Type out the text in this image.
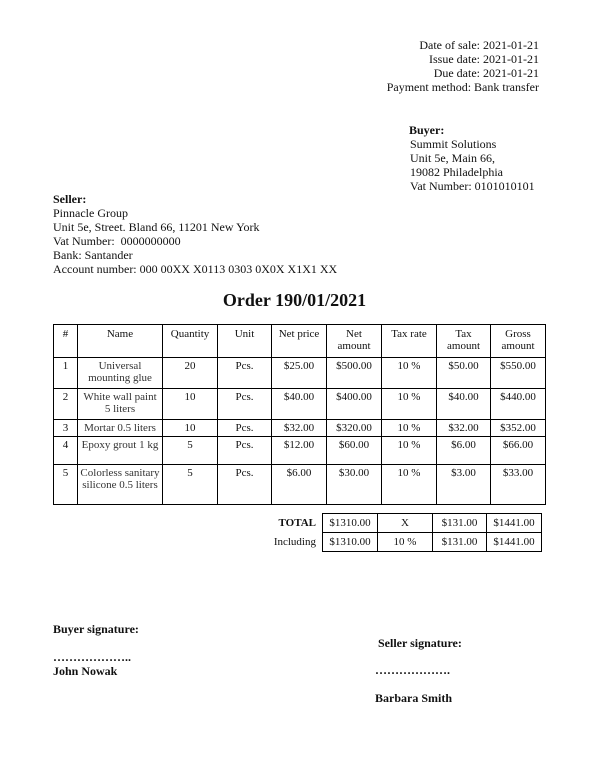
Date of sale: 2021-01-21
Issue date: 2021-01-21
Due date: 2021-01-21
Payment method: Bank transfer
Buyer:
Summit Solutions
Unit 5e, Main 66,
19082 Philadelphia
Vat Number: 0101010101
Seller:
Pinnacle Group
Unit 5e, Street. Bland 66, 11201 New York
Vat Number:  0000000000
Bank: Santander
Account number: 000 00XX X0113 0303 0X0X X1X1 XX
Order 190/01/2021
#	Name	Quantity	Unit	Net price	Net amount	Tax rate	Tax amount	Gross amount
1	Universal mounting glue	20	Pcs.	$25.00	$500.00	10 %	$50.00	$550.00
2	White wall paint 5 liters	10	Pcs.	$40.00	$400.00	10 %	$40.00	$440.00
3	Mortar 0.5 liters	10	Pcs.	$32.00	$320.00	10 %	$32.00	$352.00
4	Epoxy grout 1 kg	5	Pcs.	$12.00	$60.00	10 %	$6.00	$66.00
5	Colorless sanitary silicone 0.5 liters	5	Pcs.	$6.00	$30.00	10 %	$3.00	$33.00
TOTAL	$1310.00	X	$131.00	$1441.00
Including	$1310.00	10 %	$131.00	$1441.00
Buyer signature:
………………..
John Nowak
Seller signature:
……………….
Barbara Smith
